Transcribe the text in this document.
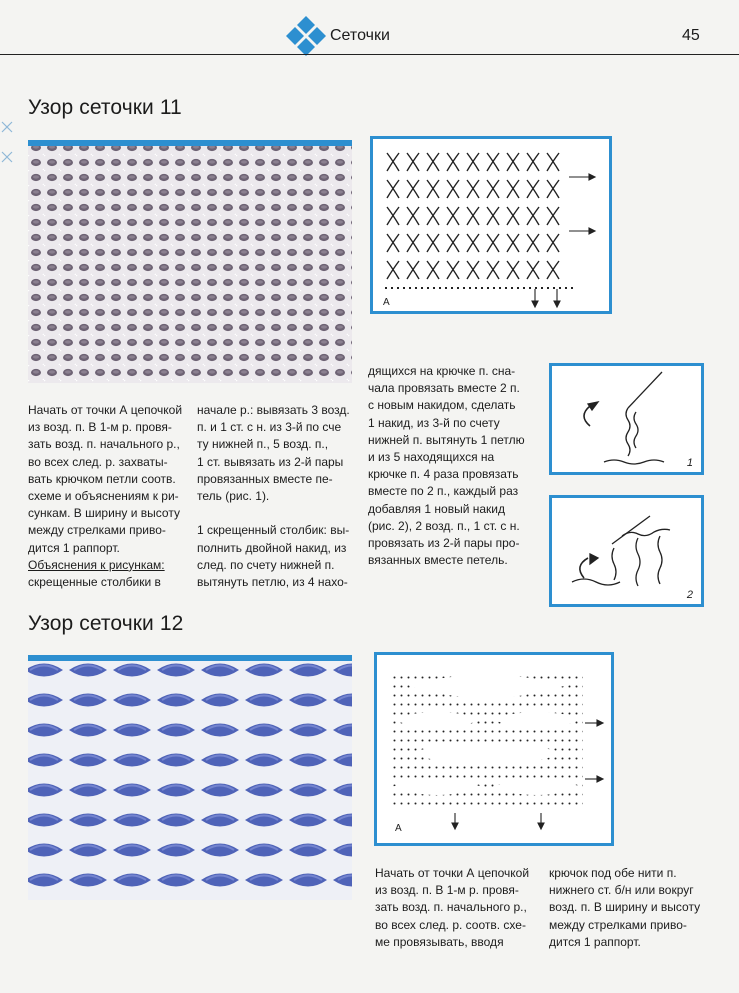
Сеточки	45
Узор сеточки 11
A
1
2
Начать от точки А цепочкой
из возд. п. В 1-м р. провя-
зать возд. п. начального р.,
во всех след. р. захваты-
вать крючком петли соотв.
схеме и объяснениям к ри-
сункам. В ширину и высоту
между стрелками приво-
дится 1 раппорт.
Объяснения к рисункам:
скрещенные столбики в
начале р.: вывязать 3 возд.
п. и 1 ст. с н. из 3-й по сче
ту нижней п., 5 возд. п.,
1 ст. вывязать из 2-й пары
провязанных вместе пе-
тель (рис. 1).

1 скрещенный столбик: вы-
полнить двойной накид, из
след. по счету нижней п.
вытянуть петлю, из 4 нахо-
дящихся на крючке п. сна-
чала провязать вместе 2 п.
с новым накидом, сделать
1 накид, из 3-й по счету
нижней п. вытянуть 1 петлю
и из 5 находящихся на
крючке п. 4 раза провязать
вместе по 2 п., каждый раз
добавляя 1 новый накид
(рис. 2), 2 возд. п., 1 ст. с н.
провязать из 2-й пары про-
вязанных вместе петель.
Узор сеточки 12
A
Начать от точки А цепочкой
из возд. п. В 1-м р. провя-
зать возд. п. начального р.,
во всех след. р. соотв. схе-
ме провязывать, вводя
крючок под обе нити п.
нижнего ст. б/н или вокруг
возд. п. В ширину и высоту
между стрелками приво-
дится 1 раппорт.
